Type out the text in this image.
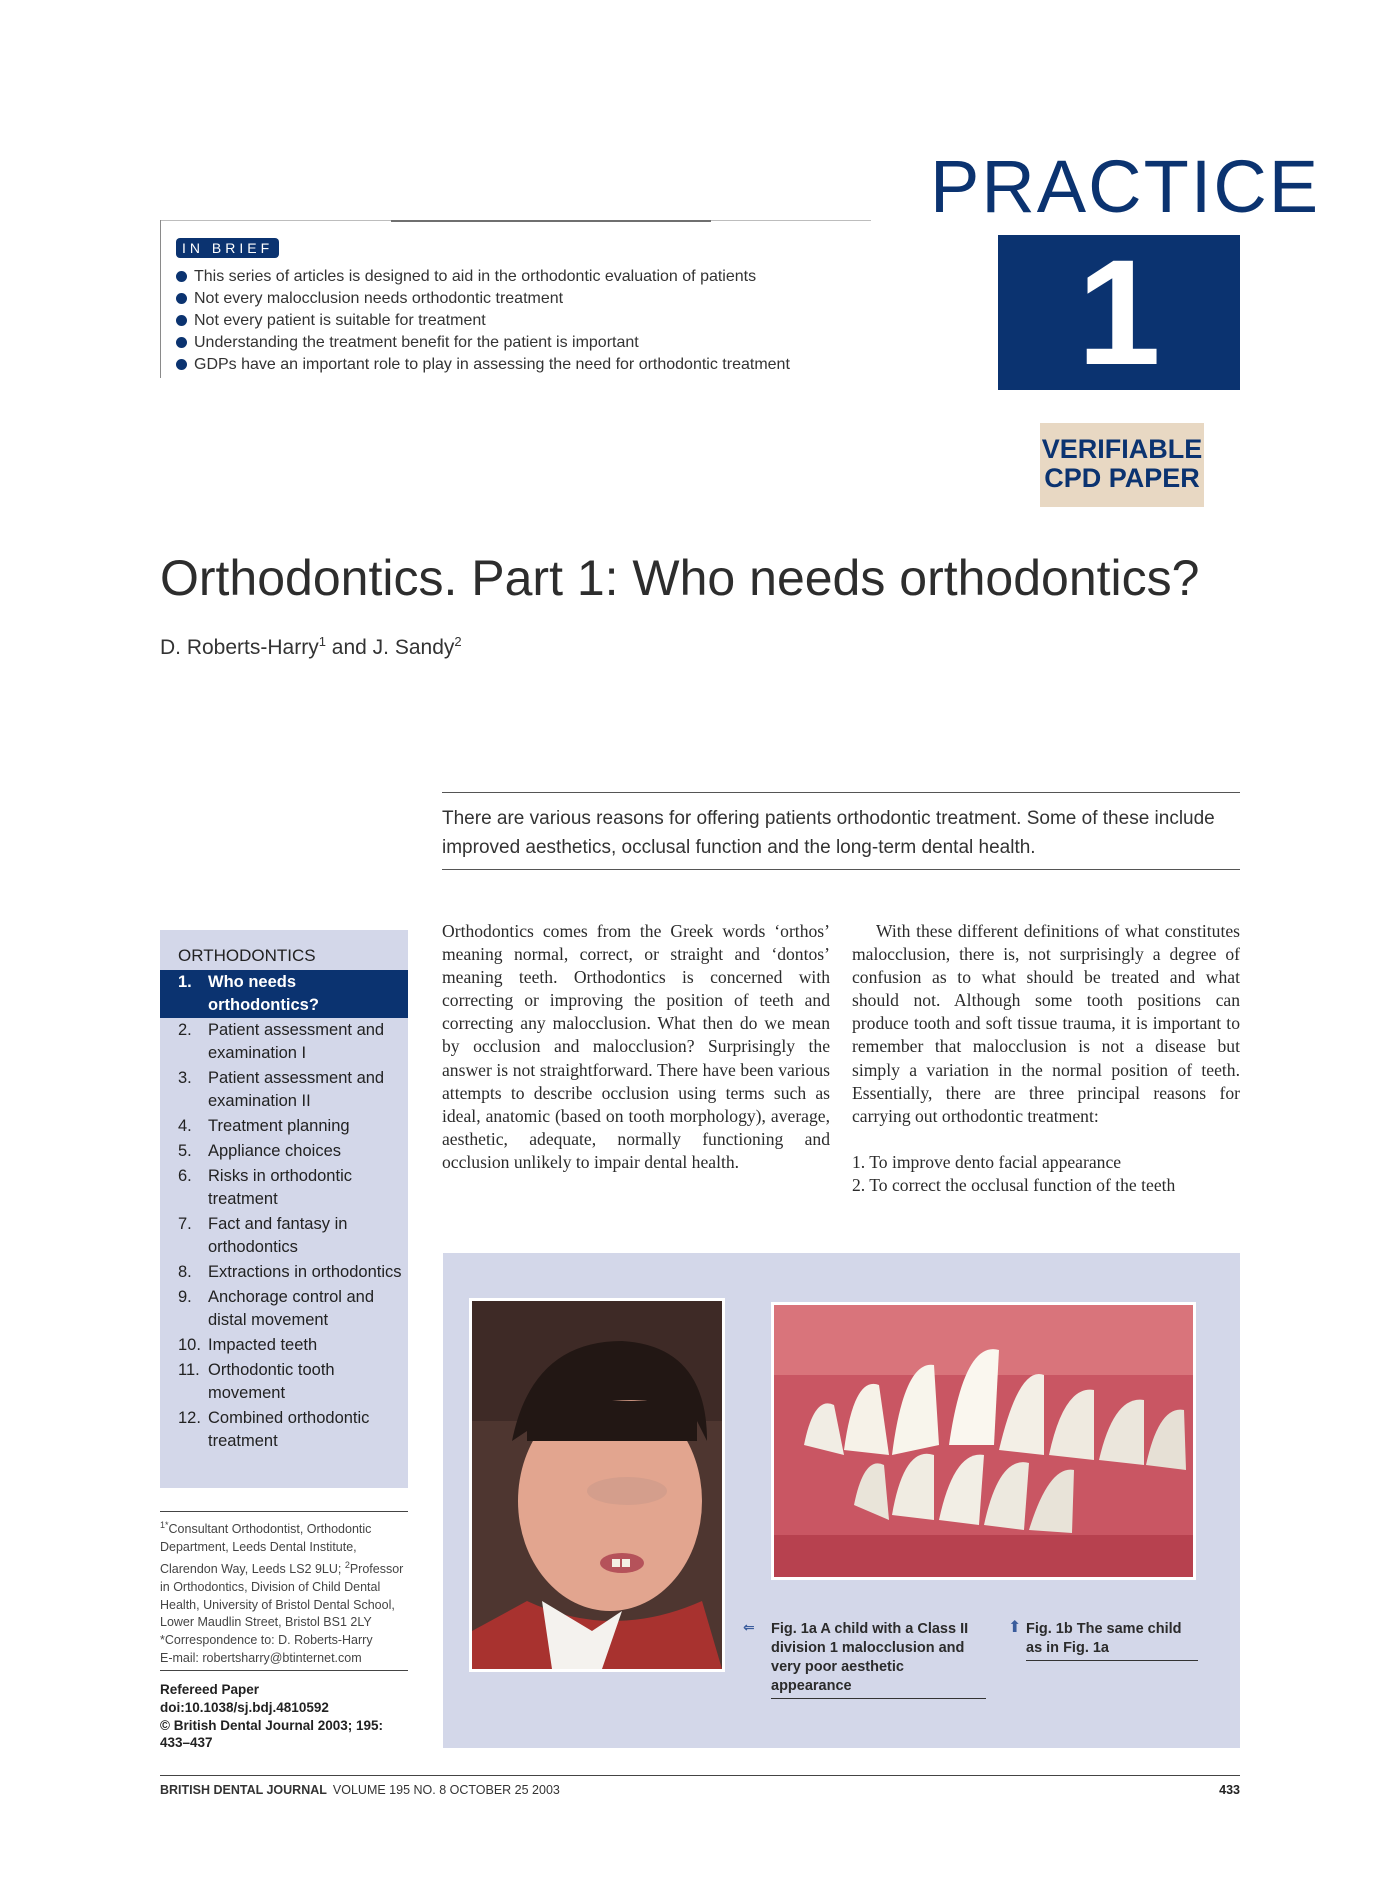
IN BRIEF
This series of articles is designed to aid in the orthodontic evaluation of patients
Not every malocclusion needs orthodontic treatment
Not every patient is suitable for treatment
Understanding the treatment benefit for the patient is important
GDPs have an important role to play in assessing the need for orthodontic treatment
PRACTICE
1
VERIFIABLE
CPD PAPER
Orthodontics. Part 1: Who needs orthodontics?
D. Roberts-Harry$^1$ and J. Sandy$^2$
There are various reasons for offering patients orthodontic treatment. Some of these include improved aesthetics, occlusal function and the long-term dental health.
ORTHODONTICS
1. Who needs orthodontics?
2. Patient assessment and examination I
3. Patient assessment and examination II
4. Treatment planning
5. Appliance choices
6. Risks in orthodontic treatment
7. Fact and fantasy in orthodontics
8. Extractions in orthodontics
9. Anchorage control and distal movement
10. Impacted teeth
11. Orthodontic tooth movement
12. Combined orthodontic treatment
$^{1*}$Consultant Orthodontist, Orthodontic Department, Leeds Dental Institute, Clarendon Way, Leeds LS2 9LU; $^2$Professor in Orthodontics, Division of Child Dental Health, University of Bristol Dental School, Lower Maudlin Street, Bristol BS1 2LY
*Correspondence to: D. Roberts-Harry
E-mail: robertsharry@btinternet.com
Refereed Paper
doi:10.1038/sj.bdj.4810592
© British Dental Journal 2003; 195: 433–437

Orthodontics comes from the Greek words ‘orthos’ meaning normal, correct, or straight and ‘dontos’ meaning teeth. Orthodontics is concerned with correcting or improving the position of teeth and correcting any malocclusion. What then do we mean by occlusion and malocclusion? Surprisingly the answer is not straightforward. There have been various attempts to describe occlusion using terms such as ideal, anatomic (based on tooth morphology), average, aesthetic, adequate, normally functioning and occlusion unlikely to impair dental health.

With these different definitions of what constitutes malocclusion, there is, not surprisingly a degree of confusion as to what should be treated and what should not. Although some tooth positions can produce tooth and soft tissue trauma, it is important to remember that malocclusion is not a disease but simply a variation in the normal position of teeth. Essentially, there are three principal reasons for carrying out orthodontic treatment:

1. To improve dento facial appearance
2. To correct the occlusal function of the teeth
⇐ Fig. 1a A child with a Class II division 1 malocclusion and very poor aesthetic appearance
⬆ Fig. 1b The same child as in Fig. 1a
BRITISH DENTAL JOURNAL VOLUME 195 NO. 8 OCTOBER 25 2003	433
